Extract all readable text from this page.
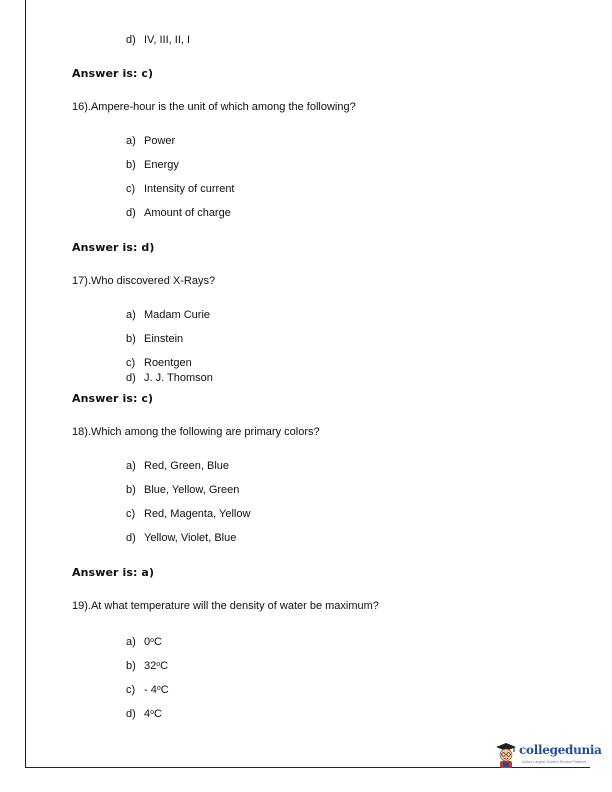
d) IV, III, II, I
Answer is: c)
16).Ampere-hour is the unit of which among the following?
a) Power
b) Energy
c) Intensity of current
d) Amount of charge
Answer is: d)
17).Who discovered X-Rays?
a) Madam Curie
b) Einstein
c) Roentgen
d) J. J. Thomson
Answer is: c)
18).Which among the following are primary colors?
a) Red, Green, Blue
b) Blue, Yellow, Green
c) Red, Magenta, Yellow
d) Yellow, Violet, Blue
Answer is: a)
19).At what temperature will the density of water be maximum?
a) 0$^o$C
b) 32$^o$C
c) - 4$^o$C
d) 4$^o$C
collegedunia
India's Largest Student Review Platform
